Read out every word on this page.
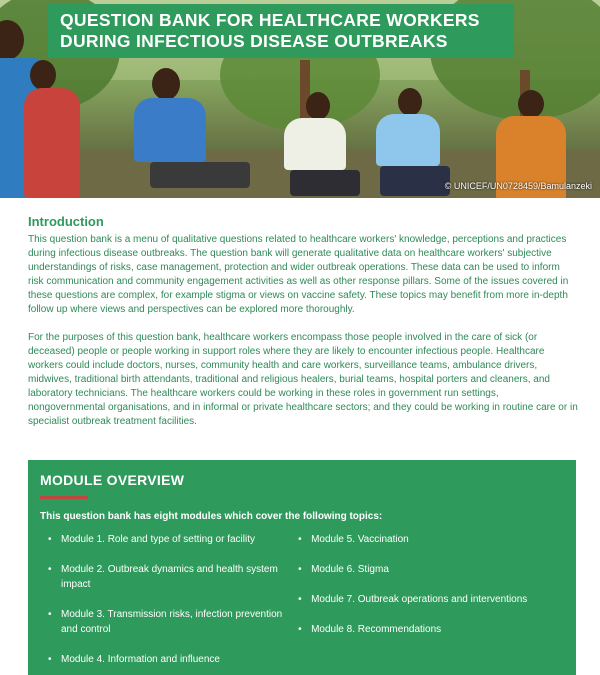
QUESTION BANK FOR HEALTHCARE WORKERS
DURING INFECTIOUS DISEASE OUTBREAKS
© UNICEF/UN0728459/Bamulanzeki
Introduction

This question bank is a menu of qualitative questions related to healthcare workers' knowledge, perceptions and practices during infectious disease outbreaks. The question bank will generate qualitative data on healthcare workers' subjective understandings of risks, case management, protection and wider outbreak operations. These data can be used to inform risk communication and community engagement activities as well as other response pillars. Some of the issues covered in these questions are complex, for example stigma or views on vaccine safety. These topics may benefit from more in-depth follow up where views and perspectives can be explored more thoroughly.

For the purposes of this question bank, healthcare workers encompass those people involved in the care of sick (or deceased) people or people working in support roles where they are likely to encounter infectious people. Healthcare workers could include doctors, nurses, community health and care workers, surveillance teams, ambulance drivers, midwives, traditional birth attendants, traditional and religious healers, burial teams, hospital porters and cleaners, and laboratory technicians. The healthcare workers could be working in these roles in government run settings, nongovernmental organisations, and in informal or private healthcare sectors; and they could be working in routine care or in specialist outbreak treatment facilities.

MODULE OVERVIEW
This question bank has eight modules which cover the following topics:
• Module 1. Role and type of setting or facility
• Module 2. Outbreak dynamics and health system impact
• Module 3. Transmission risks, infection prevention and control
• Module 4. Information and influence
• Module 5. Vaccination
• Module 6. Stigma
• Module 7. Outbreak operations and interventions
• Module 8. Recommendations
